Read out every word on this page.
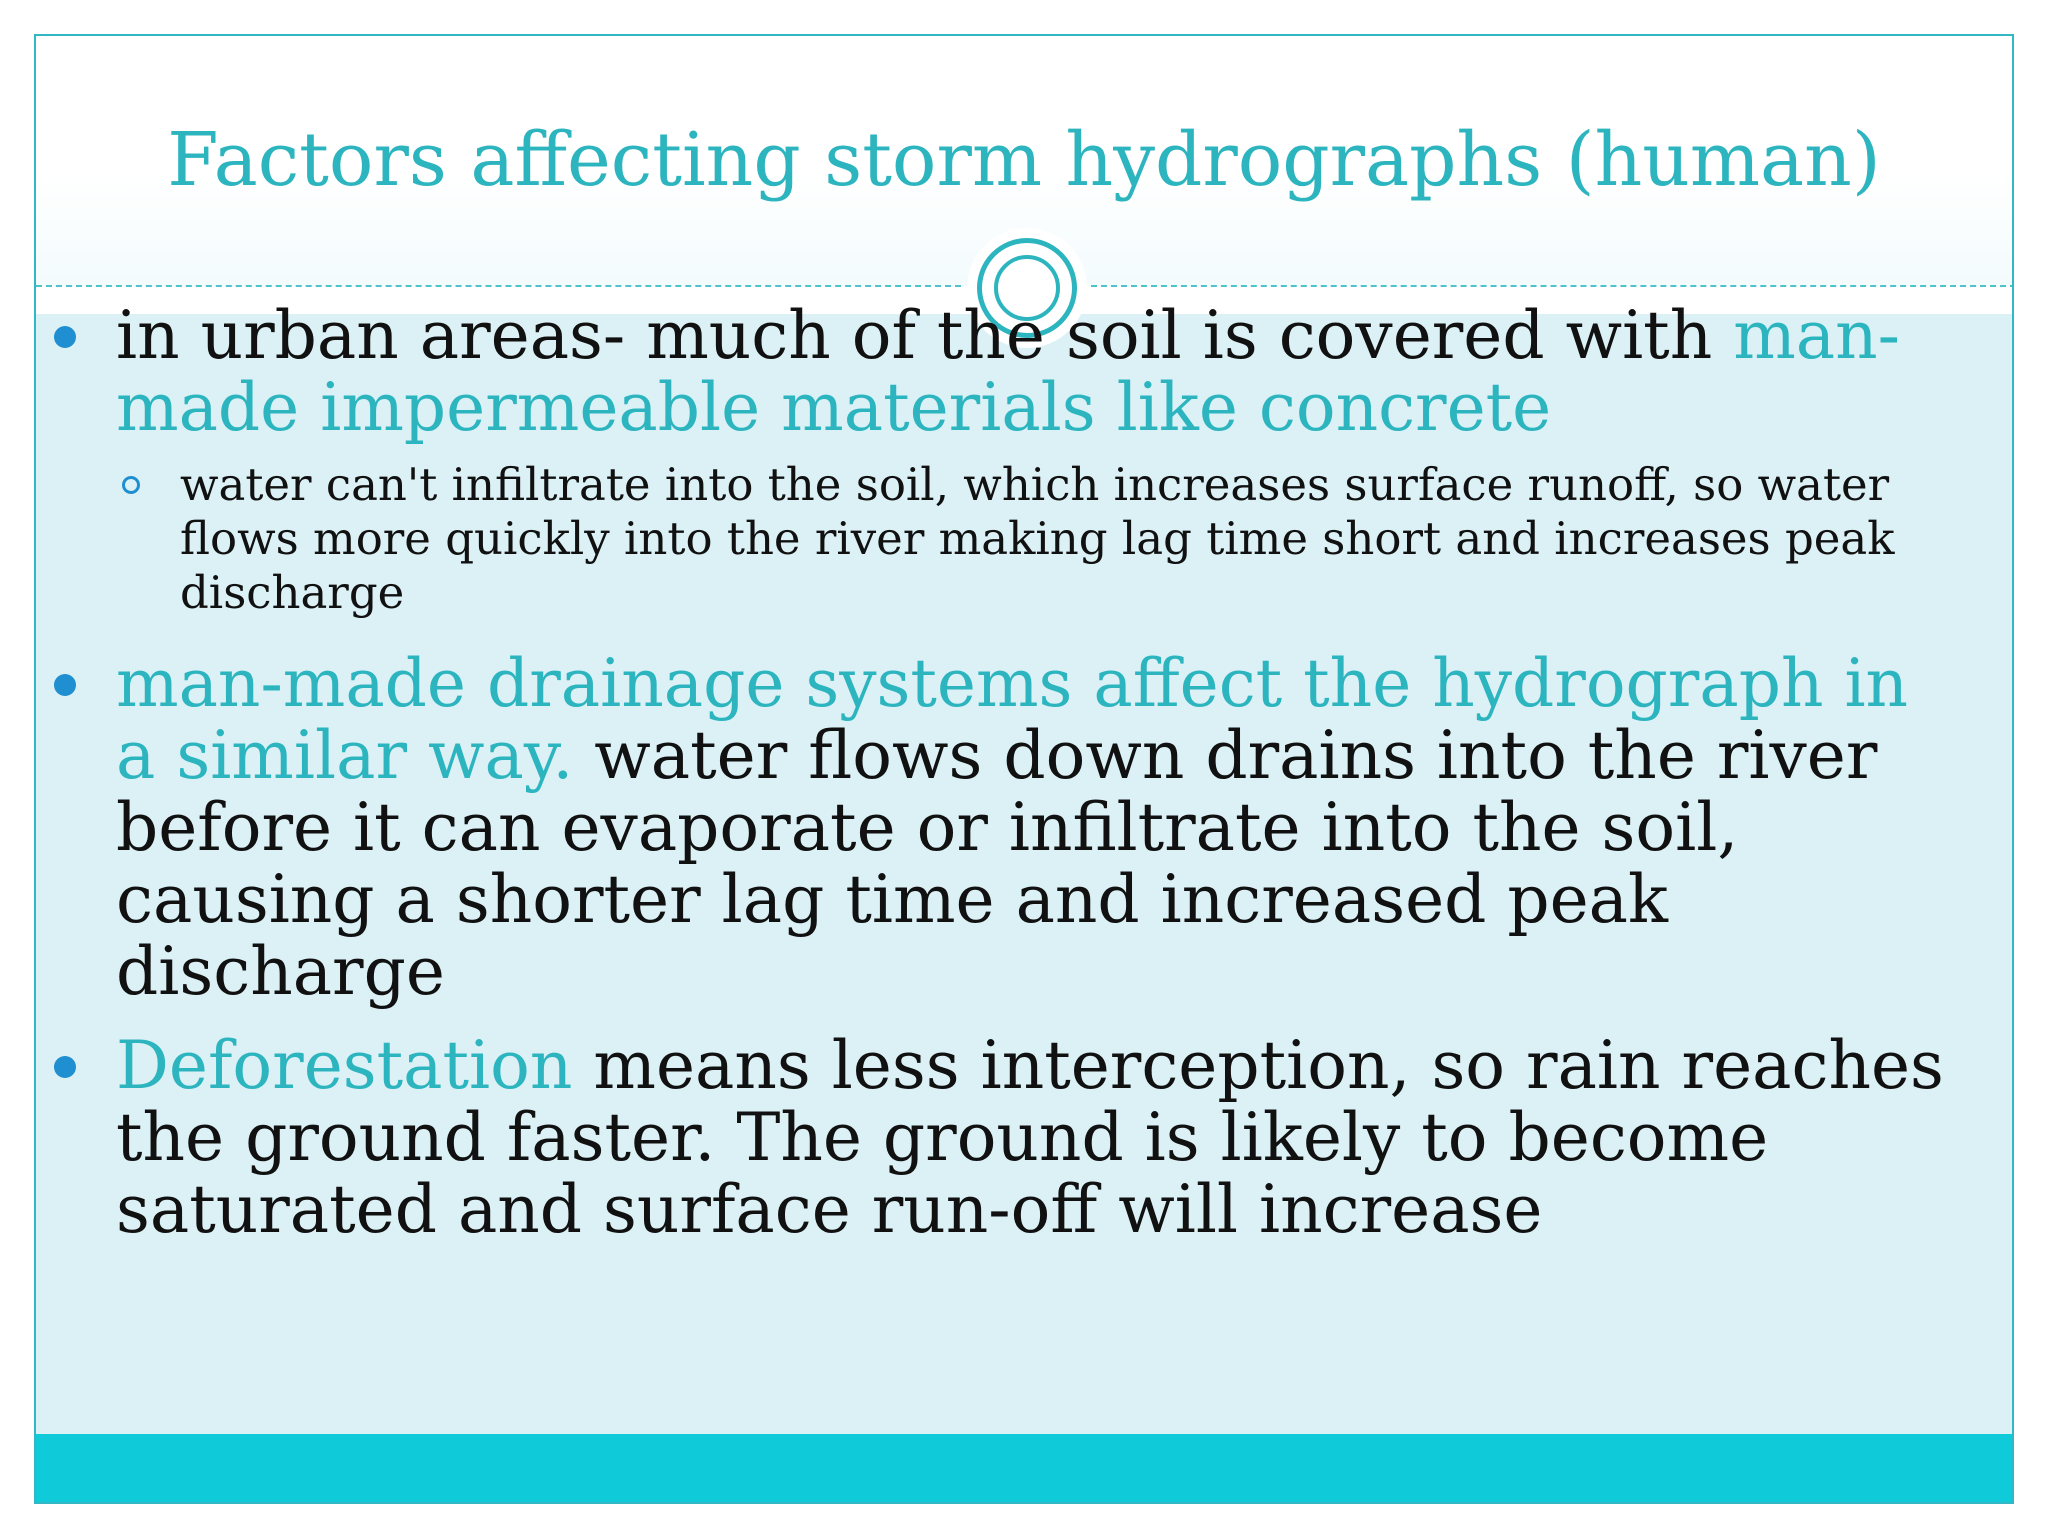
Factors affecting storm hydrographs (human)
in urban areas- much of the soil is covered with man-made impermeable materials like concrete
water can't infiltrate into the soil, which increases surface runoff, so water flows more quickly into the river making lag time short and increases peak discharge
man-made drainage systems affect the hydrograph in a similar way. water flows down drains into the river before it can evaporate or infiltrate into the soil, causing a shorter lag time and increased peak discharge
Deforestation means less interception, so rain reaches the ground faster. The ground is likely to become saturated and surface run-off will increase
